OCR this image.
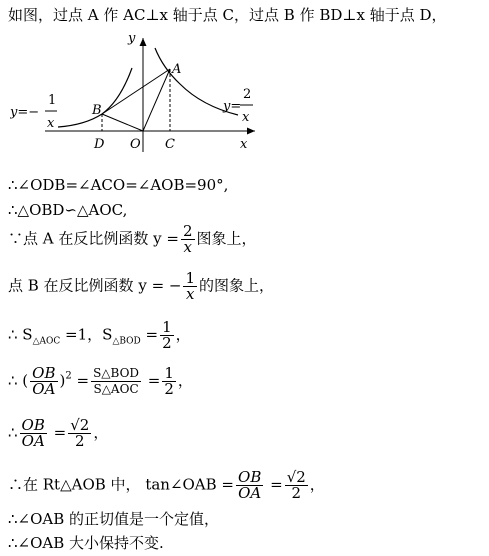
如图，过点 A 作 AC⊥x 轴于点 C，过点 B 作 BD⊥x 轴于点 D，
y
x
A
B
C
D O
y=−
1
x
y=
2
x
∴∠ODB=∠ACO=∠AOB=90°,
∴△OBD∽△AOC,
∵点 A 在反比例函数 $y = \frac{2}{x}$ 图象上，
点 B 在反比例函数 y = − $\frac{1}{x}$ 的图象上，
∴ $S_{\triangle AOC} =1$，$S_{\triangle BOD} = \frac{1}{2}$ ，
∴ ( $\frac{OB}{OA} )^2 = \frac{\text{S△BOD}}{\text{S△AOC}} = \frac{1}{2}$ ，
∴ $\frac{OB}{OA} = \frac{√2}{2}$ ，
∴在 Rt△AOB 中， tan∠OAB = $\frac{OB}{OA} = \frac{√2}{2}$ ，
∴∠OAB 的正切值是一个定值，
∴∠OAB 大小保持不变.
